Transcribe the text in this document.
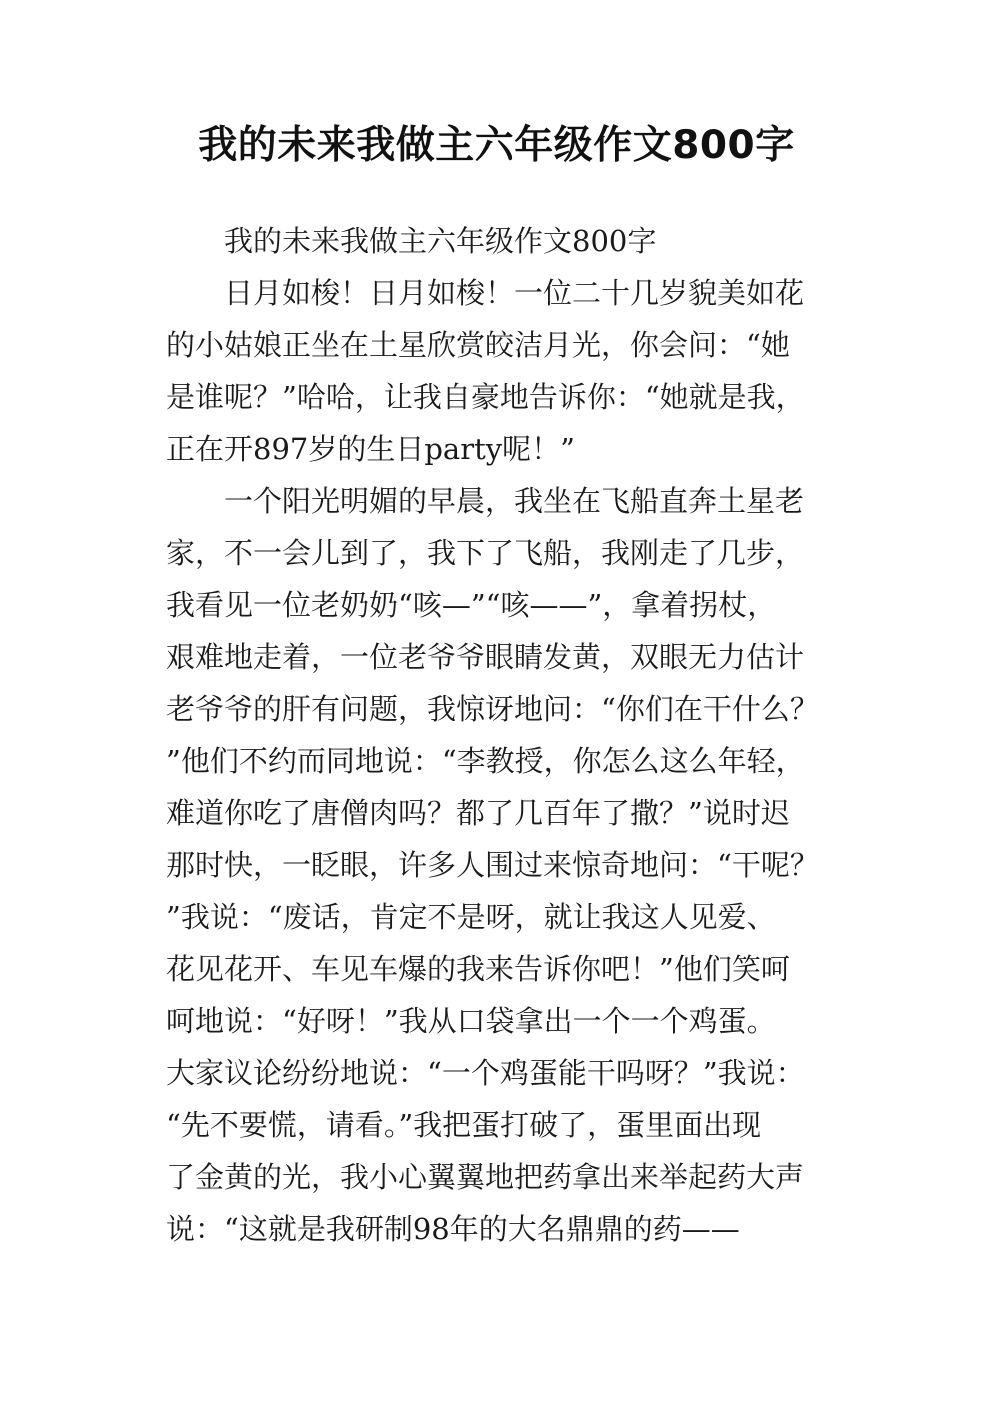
我的未来我做主六年级作文800字
我的未来我做主六年级作文800字
日月如梭！日月如梭！一位二十几岁貌美如花
的小姑娘正坐在土星欣赏皎洁月光，你会问：“她
是谁呢？”哈哈，让我自豪地告诉你：“她就是我，
正在开897岁的生日party呢！”
一个阳光明媚的早晨，我坐在飞船直奔土星老
家，不一会儿到了，我下了飞船，我刚走了几步，
我看见一位老奶奶“咳—”“咳——”，拿着拐杖，
艰难地走着，一位老爷爷眼睛发黄，双眼无力估计
老爷爷的肝有问题，我惊讶地问：“你们在干什么？
”他们不约而同地说：“李教授，你怎么这么年轻，
难道你吃了唐僧肉吗？都了几百年了撒？”说时迟
那时快，一眨眼，许多人围过来惊奇地问：“干呢？
”我说：“废话，肯定不是呀，就让我这人见爱、
花见花开、车见车爆的我来告诉你吧！”他们笑呵
呵地说：“好呀！”我从口袋拿出一个一个鸡蛋。
大家议论纷纷地说：“一个鸡蛋能干吗呀？”我说：
“先不要慌，请看。”我把蛋打破了，蛋里面出现
了金黄的光，我小心翼翼地把药拿出来举起药大声
说：“这就是我研制98年的大名鼎鼎的药——
